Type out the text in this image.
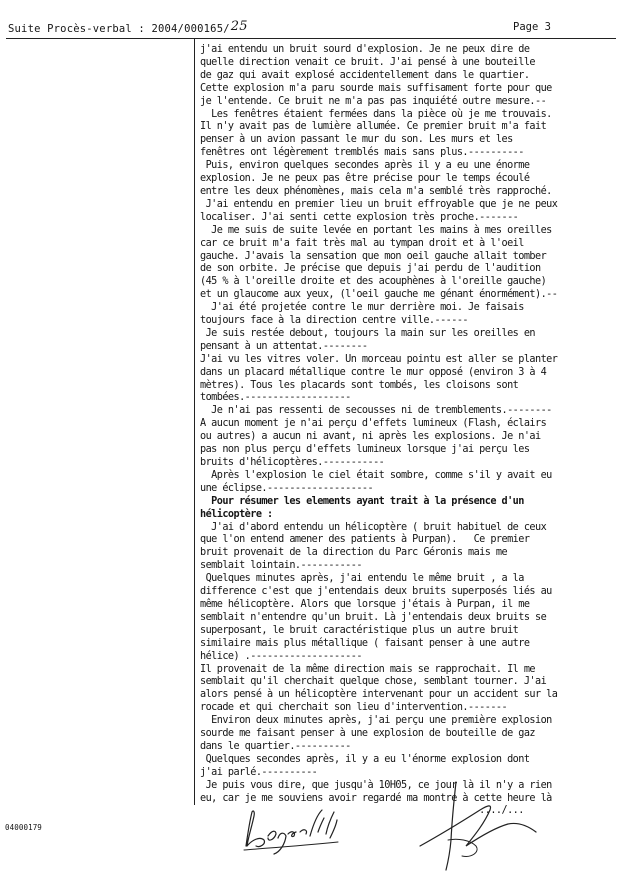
Suite Procès-verbal : 2004/000165/25	Page 3
j'ai entendu un bruit sourd d'explosion. Je ne peux dire de
quelle direction venait ce bruit. J'ai pensé à une bouteille
de gaz qui avait explosé accidentellement dans le quartier.
Cette explosion m'a paru sourde mais suffisament forte pour que
je l'entende. Ce bruit ne m'a pas pas inquiété outre mesure.--
Les fenêtres étaient fermées dans la pièce où je me trouvais.
Il n'y avait pas de lumière allumée. Ce premier bruit m'a fait
penser à un avion passant le mur du son. Les murs et les
fenêtres ont légèrement tremblés mais sans plus.----------
Puis, environ quelques secondes après il y a eu une énorme
explosion. Je ne peux pas être précise pour le temps écoulé
entre les deux phénomènes, mais cela m'a semblé très rapproché.
J'ai entendu en premier lieu un bruit effroyable que je ne peux
localiser. J'ai senti cette explosion très proche.-------
Je me suis de suite levée en portant les mains à mes oreilles
car ce bruit m'a fait très mal au tympan droit et à l'oeil
gauche. J'avais la sensation que mon oeil gauche allait tomber
de son orbite. Je précise que depuis j'ai perdu de l'audition
(45 % à l'oreille droite et des acouphènes à l'oreille gauche)
et un glaucome aux yeux, (l'oeil gauche me génant énormément).--
J'ai été projetée contre le mur derrière moi. Je faisais
toujours face à la direction centre ville.------
Je suis restée debout, toujours la main sur les oreilles en
pensant à un attentat.--------
J'ai vu les vitres voler. Un morceau pointu est aller se planter
dans un placard métallique contre le mur opposé (environ 3 à 4
mètres). Tous les placards sont tombés, les cloisons sont
tombées.-------------------
Je n'ai pas ressenti de secousses ni de tremblements.--------
A aucun moment je n'ai perçu d'effets lumineux (Flash, éclairs
ou autres) a aucun ni avant, ni après les explosions. Je n'ai
pas non plus perçu d'effets lumineux lorsque j'ai perçu les
bruits d'hélicoptères.-----------
Après l'explosion le ciel était sombre, comme s'il y avait eu
une éclipse.-------------------
Pour résumer les elements ayant trait à la présence d'un
hélicoptère :
J'ai d'abord entendu un hélicoptère ( bruit habituel de ceux
que l'on entend amener des patients à Purpan).   Ce premier
bruit provenait de la direction du Parc Géronis mais me
semblait lointain.-----------
Quelques minutes après, j'ai entendu le même bruit , a la
difference c'est que j'entendais deux bruits superposés liés au
même hélicoptère. Alors que lorsque j'étais à Purpan, il me
semblait n'entendre qu'un bruit. Là j'entendais deux bruits se
superposant, le bruit caractéristique plus un autre bruit
similaire mais plus métallique ( faisant penser à une autre
hélice) .--------------------
Il provenait de la même direction mais se rapprochait. Il me
semblait qu'il cherchait quelque chose, semblant tourner. J'ai
alors pensé à un hélicoptère intervenant pour un accident sur la
rocade et qui cherchait son lieu d'intervention.-------
Environ deux minutes après, j'ai perçu une première explosion
sourde me faisant penser à une explosion de bouteille de gaz
dans le quartier.----------
Quelques secondes après, il y a eu l'énorme explosion dont
j'ai parlé.----------
Je puis vous dire, que jusqu'à 10H05, ce jour là il n'y a rien
eu, car je me souviens avoir regardé ma montre à cette heure là
..../...
04000179
